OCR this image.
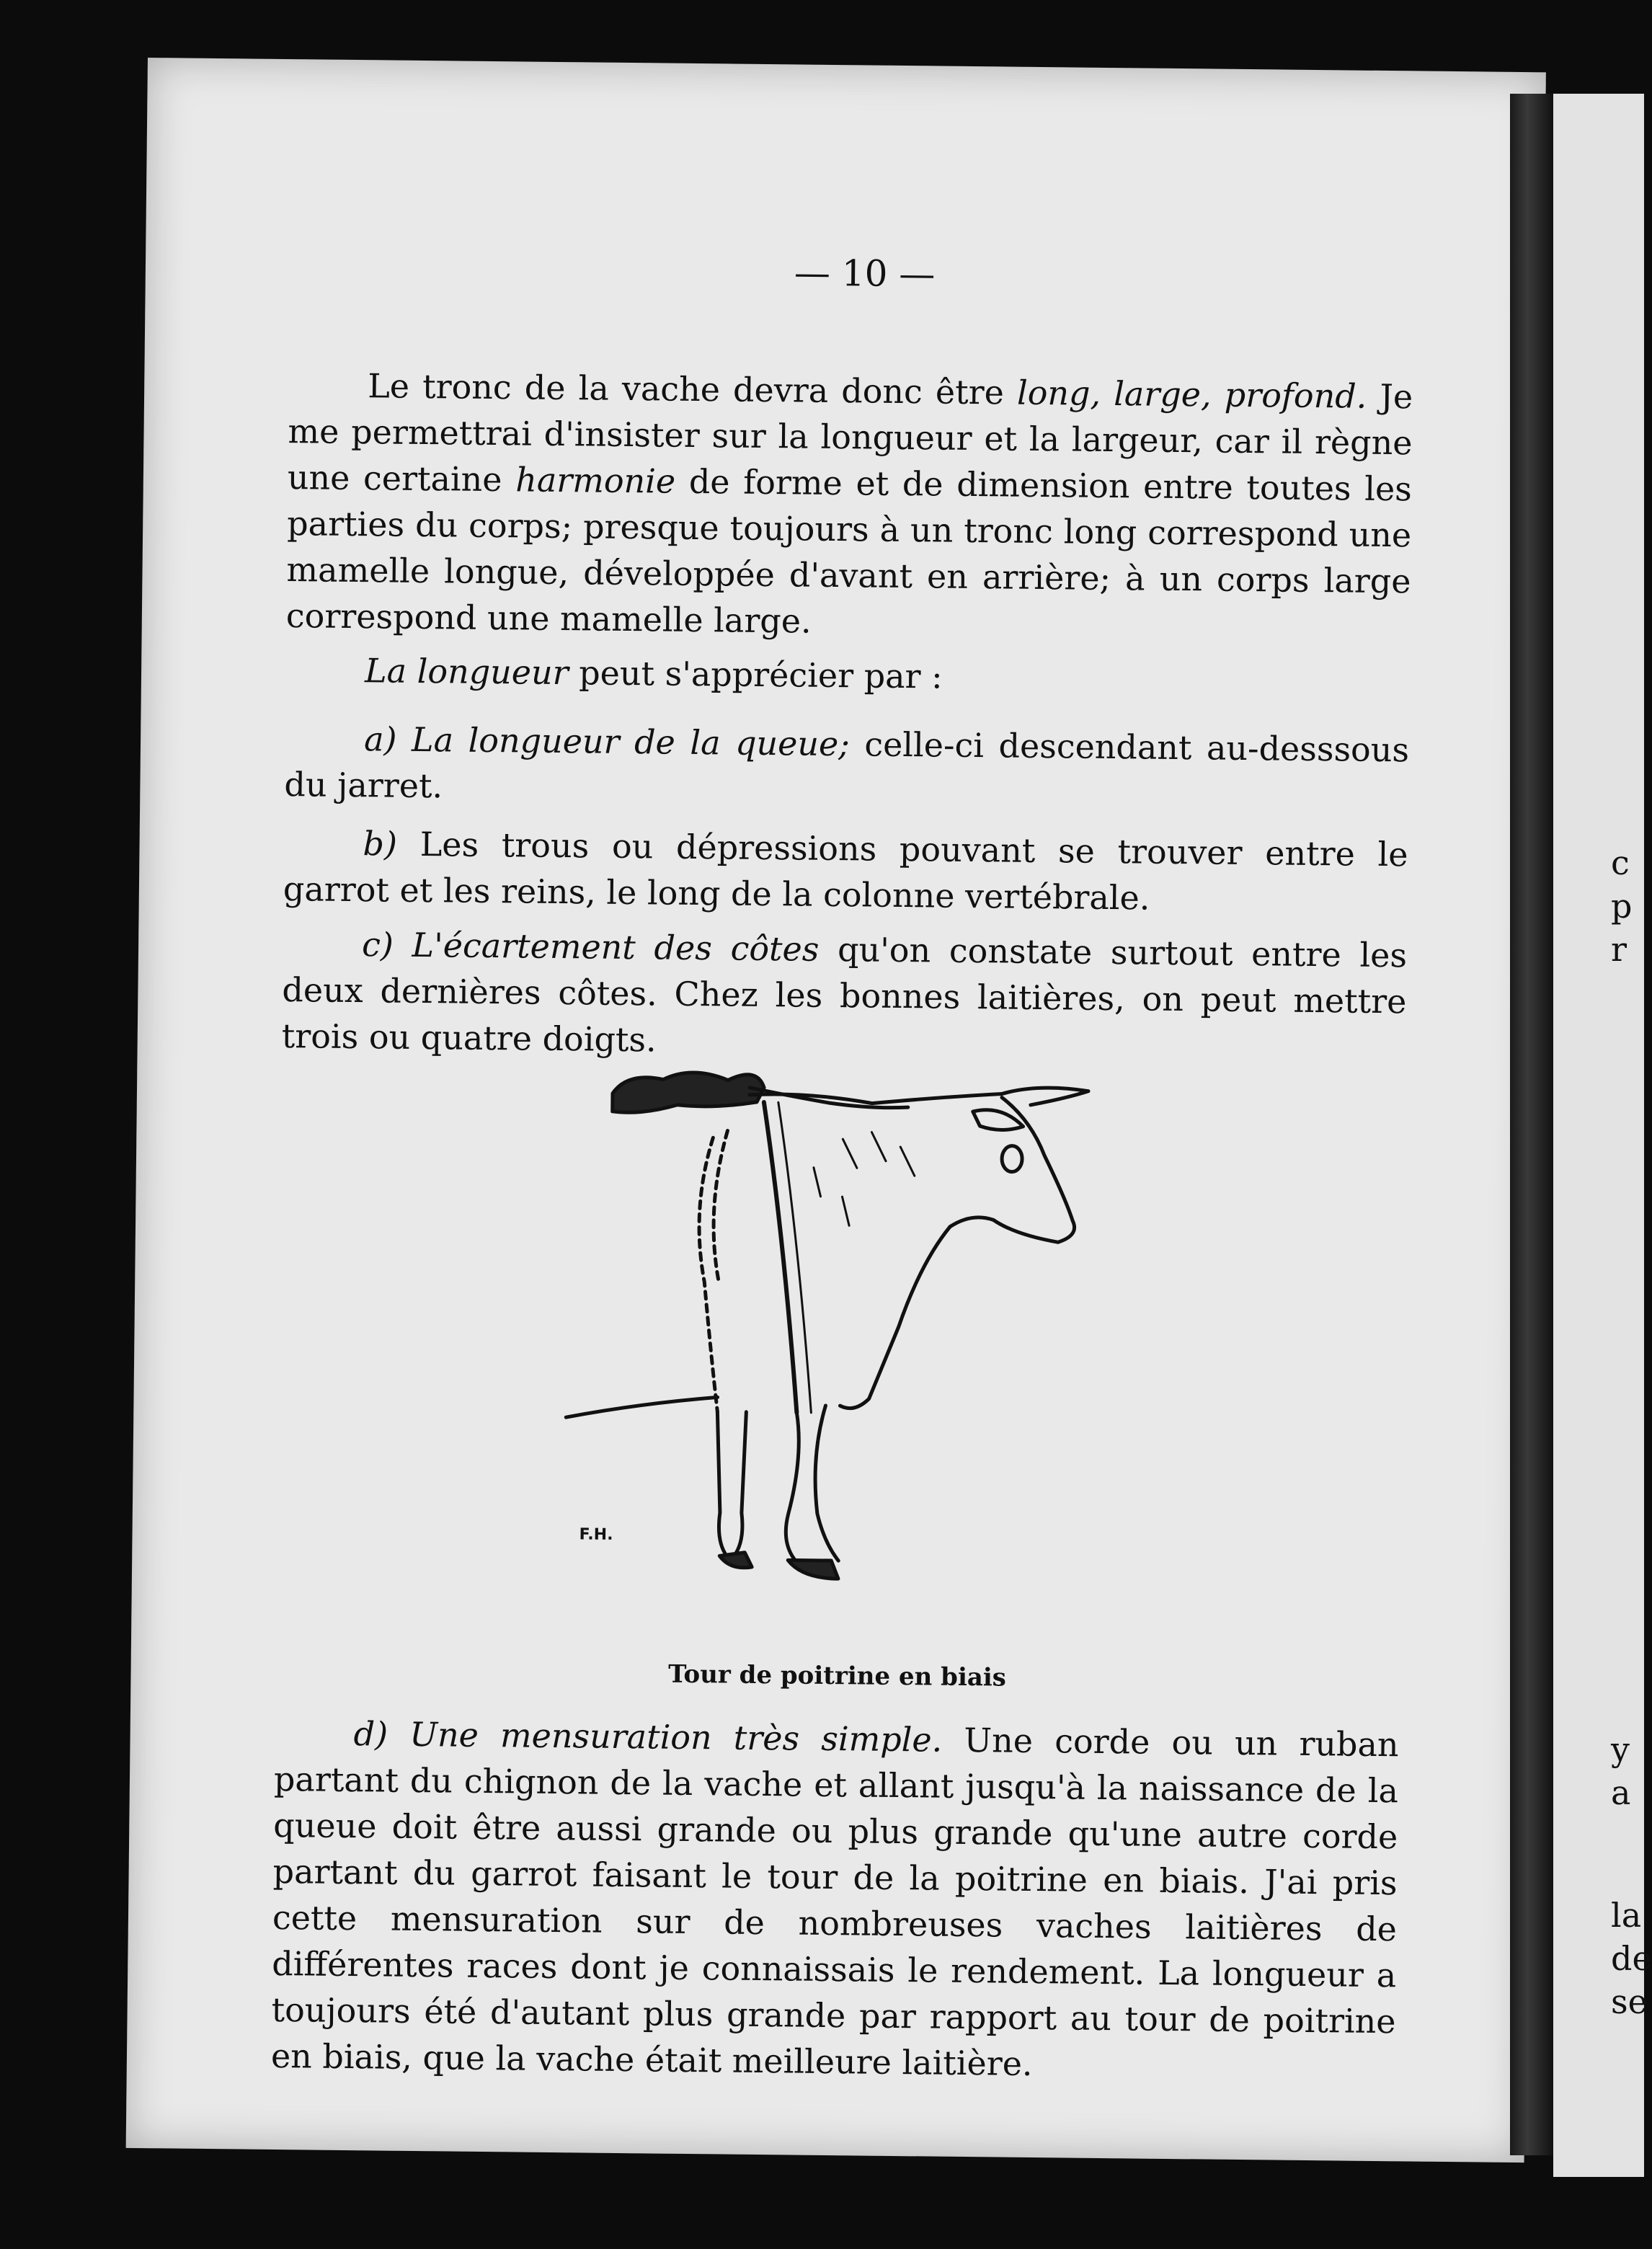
— 10 —
Le tronc de la vache devra donc être long, large, profond. Je me permettrai d'insister sur la longueur et la largeur, car il règne une certaine harmonie de forme et de dimension entre toutes les parties du corps; presque toujours à un tronc long correspond une mamelle longue, développée d'avant en arrière; à un corps large correspond une mamelle large.
La longueur peut s'apprécier par :
a) La longueur de la queue; celle-ci descendant au-desssous du jarret.
b) Les trous ou dépressions pouvant se trouver entre le garrot et les reins, le long de la colonne vertébrale.
c) L'écartement des côtes qu'on constate surtout entre les deux dernières côtes. Chez les bonnes laitières, on peut mettre trois ou quatre doigts.
F.H.
Tour de poitrine en biais
d) Une mensuration très simple. Une corde ou un ruban partant du chignon de la vache et allant jusqu'à la naissance de la queue doit être aussi grande ou plus grande qu'une autre corde partant du garrot faisant le tour de la poitrine en biais. J'ai pris cette mensuration sur de nombreuses vaches laitières de différentes races dont je connaissais le rendement. La longueur a toujours été d'autant plus grande par rapport au tour de poitrine en biais, que la vache était meilleure laitière.
c
p
r
y
a
la
de
se
